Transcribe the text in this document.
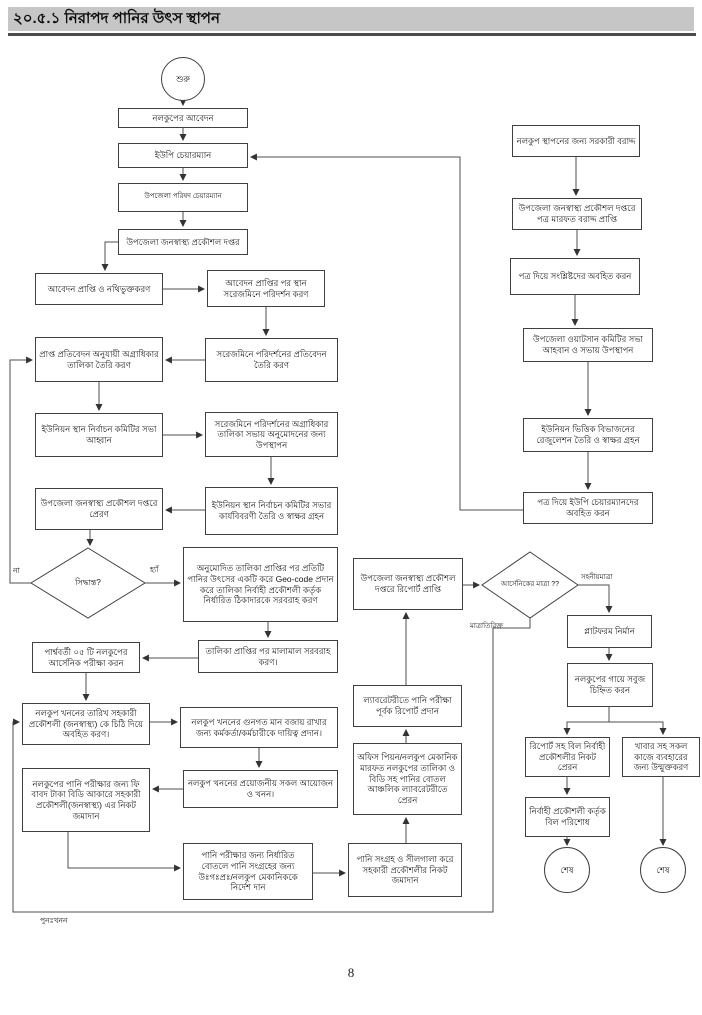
২০.৫.১ নিরাপদ পানির উৎস স্থাপন
শুরু
নলকুপের আবেদন
ইউপি চেয়ারম্যান
উপজেলা পরিষদ চেয়ারম্যান
উপজেলা জনস্বাস্থ্য প্রকৌশল দপ্তর
আবেদন প্রাপ্তি ও নথিভুক্তকরণ
আবেদন প্রাপ্তির পর স্থান সরেজমিনে পরিদর্শন করণ
প্রাপ্ত প্রতিবেদন অনুযায়ী অগ্রাধিকার তালিকা তৈরি করণ
সরেজমিনে পরিদর্শনের প্রতিবেদন তৈরি করণ
ইউনিয়ন স্থান নির্বাচন কমিটির সভা আহ্বান
সরেজমিনে পরিদর্শনের অগ্রাধিকার তালিকা সভায় অনুমোদনের জন্য উপস্থাপন
উপজেলা জনস্বাস্থ্য প্রকৌশল দপ্তরে প্রেরণ
ইউনিয়ন স্থান নির্বাচন কমিটির সভার কার্যবিবরণী তৈরি ও স্বাক্ষর গ্রহন
সিদ্ধান্ত?
না	হ্যাঁ	অনুমোদিত তালিকা প্রাপ্তির পর প্রতিটি পানির উৎসের একটি করে Geo-code প্রদান করে তালিকা নির্বাহী প্রকৌশলী কর্তৃক নির্ধারিত ঠিকাদারকে সরবরাহ করণ
তালিকা প্রাপ্তির পর মালামাল সরবরাহ করণ।
পার্শ্ববর্তী ০৫ টি নলকুপের আর্সেনিক পরীক্ষা করন
নলকুপ খননের তারিখ সহকারী প্রকৌশলী (জনস্বাস্থ্য) কে চিঠি দিয়ে অবহিত করণ।
নলকুপ খননের গুনগত মান বজায় রাখার জন্য কর্মকর্তা/কর্মচারীকে দায়িত্ব প্রদান।
নলকুপের পানি পরীক্ষার জন্য ফি বাবদ টাকা বিডি আকারে সহকারী প্রকৌশলী(জনস্বাস্থ্য) এর নিকট জমাদান
নলকুপ খননের প্রয়োজনীয় সকল আয়োজন ও খনন।
পানি পরীক্ষার জন্য নির্ধারিত বোতলে পানি সংগ্রহের জন্য উঃগঃপ্রঃ/নলকুপ মেকানিককে নির্দেশ দান
পানি সংগ্রহ ও সীলগালা করে সহকারী প্রকৌশলীর নিকট জমাদান
অফিস পিয়ন/নলকুপ মেকানিক মারফত নলকুপের তালিকা ও বিডি সহ পানির বোতল আঞ্চলিক ল্যাবরেটরীতে প্রেরন
ল্যাবরেটরীতে পানি পরীক্ষা পূর্বক রিপোর্ট প্রদান
উপজেলা জনস্বাস্থ্য প্রকৌশল দপ্তরে রিপোর্ট প্রাপ্তি	আর্সেনিকের মাত্রা ??
মাত্রাতিরিক্ত
সহনীয়মাত্রা
পুনঃখনন
প্লাটফরম নির্মান
নলকুপের গায়ে সবুজ চিহ্নিত করন
রিপোর্ট সহ বিল নির্বাহী প্রকৌশলীর নিকট প্রেরন
খাবার সহ সকল কাজে ব্যবহারের জন্য উন্মুক্তকরণ
নির্বাহী প্রকৌশলী কর্তৃক বিল পরিশোধ
শেষ	শেষ
নলকুপ স্থাপনের জন্য সরকারী বরাদ্দ
উপজেলা জনস্বাস্থ্য প্রকৌশল দপ্তরে পত্র মারফত বরাদ্দ প্রাপ্তি
পত্র দিয়ে সংশ্লিষ্টদের অবহিত করন
উপজেলা ওয়াটসান কমিটির সভা আহবান ও সভায় উপস্থাপন
ইউনিয়ন ভিত্তিক বিভাজনের রেজুলেশন তৈরি ও স্বাক্ষর গ্রহন
পত্র দিয়ে ইউপি চেয়ারম্যানদের অবহিত করন
8
